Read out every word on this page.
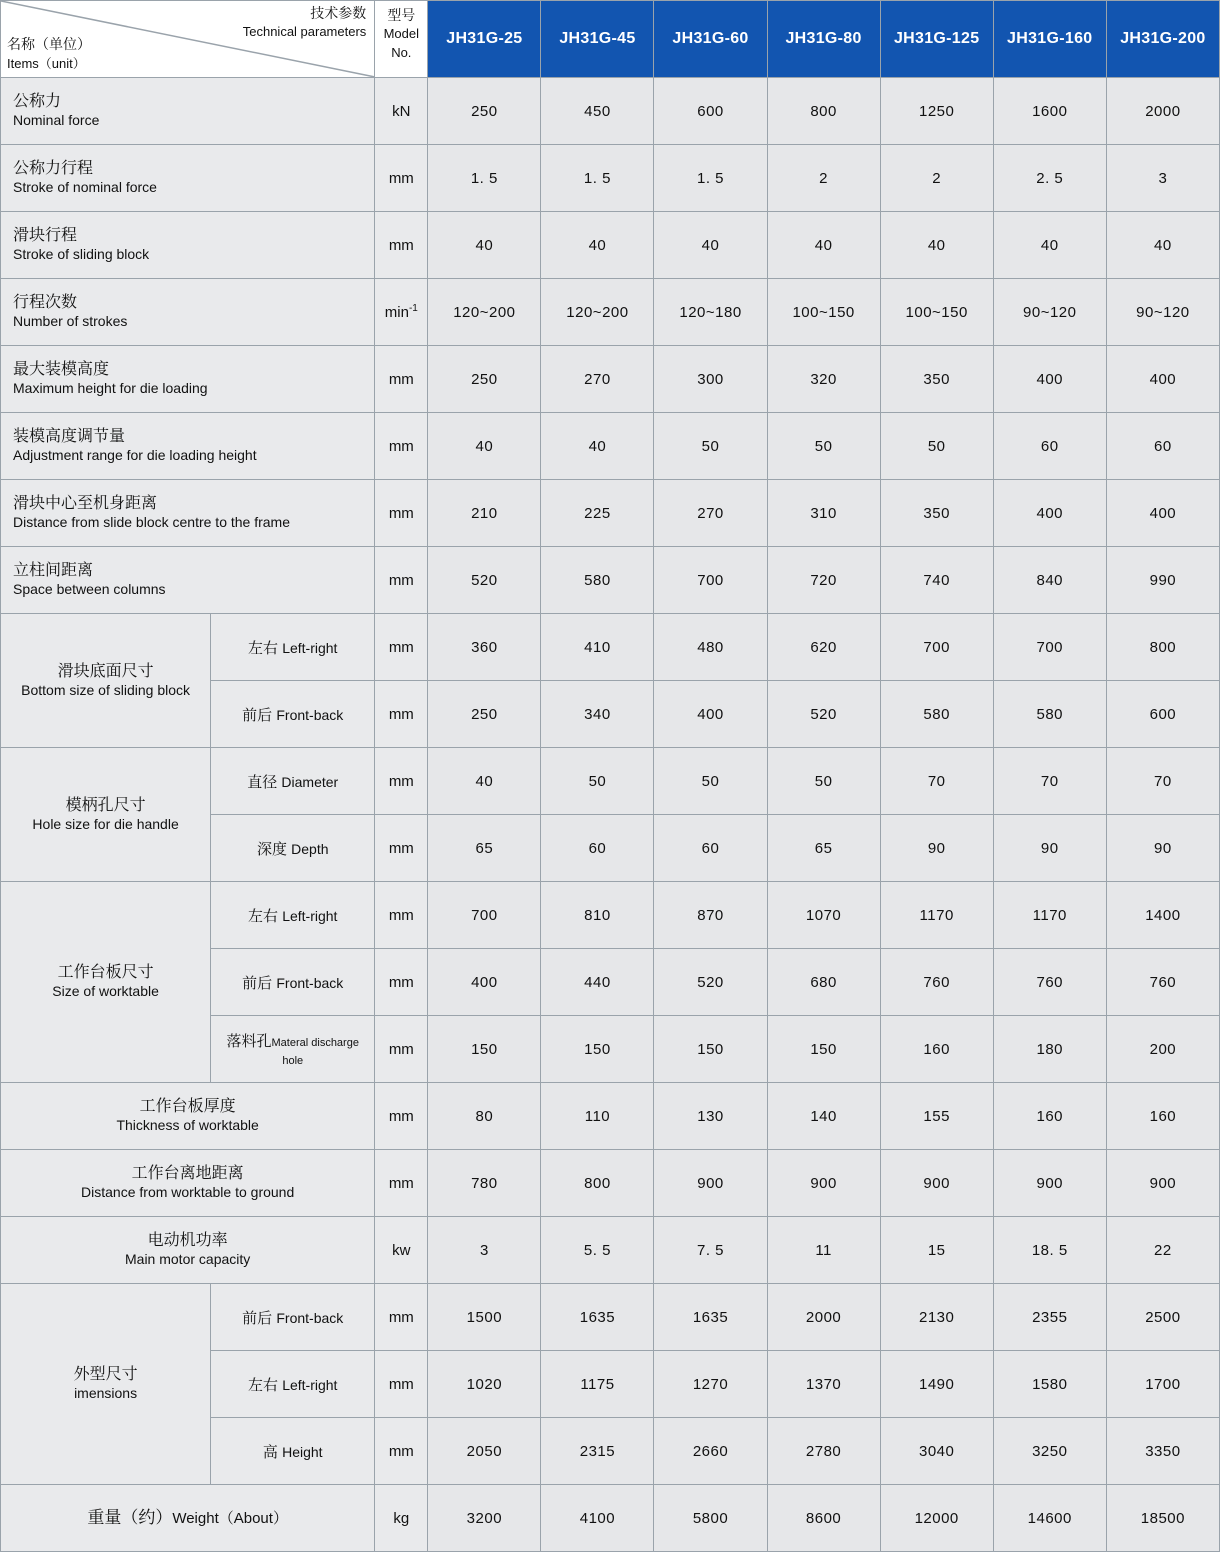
技术参数
Technical parameters
名称（单位）
Items（unit）

型号
Model No.
	JH31G-25	JH31G-45	JH31G-60	JH31G-80	JH31G-125	JH31G-160	JH31G-200

公称力
Nominal force		kN	250	450	600	800	1250	1600	2000

公称力行程
Stroke of nominal force		mm	1. 5	1. 5	1. 5	2	2	2. 5	3

滑块行程
Stroke of sliding block		mm	40	40	40	40	40	40	40

行程次数
Number of strokes		$\min^{-1}$	120~200	120~200	120~180	100~150	100~150	90~120	90~120

最大装模高度
Maximum height for die loading		mm	250	270	300	320	350	400	400

装模高度调节量
Adjustment range for die loading height		mm	40	40	50	50	50	60	60

滑块中心至机身距离
Distance from slide block centre to the frame		mm	210	225	270	310	350	400	400

立柱间距离
Space between columns		mm	520	580	700	720	740	840	990

滑块底面尺寸
Bottom size of sliding block	左右 Left-right	mm	360	410	480	620	700	700	800
	前后 Front-back	mm	250	340	400	520	580	580	600

模柄孔尺寸
Hole size for die handle	直径 Diameter	mm	40	50	50	50	70	70	70
	深度 Depth	mm	65	60	60	65	90	90	90

工作台板尺寸
Size of worktable	左右 Left-right	mm	700	810	870	1070	1170	1170	1400
	前后 Front-back	mm	400	440	520	680	760	760	760
	落料孔Materal discharge hole	mm	150	150	150	150	160	180	200

工作台板厚度
Thickness of worktable		mm	80	110	130	140	155	160	160

工作台离地距离
Distance from worktable to ground		mm	780	800	900	900	900	900	900

电动机功率
Main motor capacity		kw	3	5. 5	7. 5	11	15	18. 5	22

外型尺寸
imensions	前后 Front-back	mm	1500	1635	1635	2000	2130	2355	2500
	左右 Left-right	mm	1020	1175	1270	1370	1490	1580	1700
	高 Height	mm	2050	2315	2660	2780	3040	3250	3350
重量（约）Weight（About）		kg	3200	4100	5800	8600	12000	14600	18500
